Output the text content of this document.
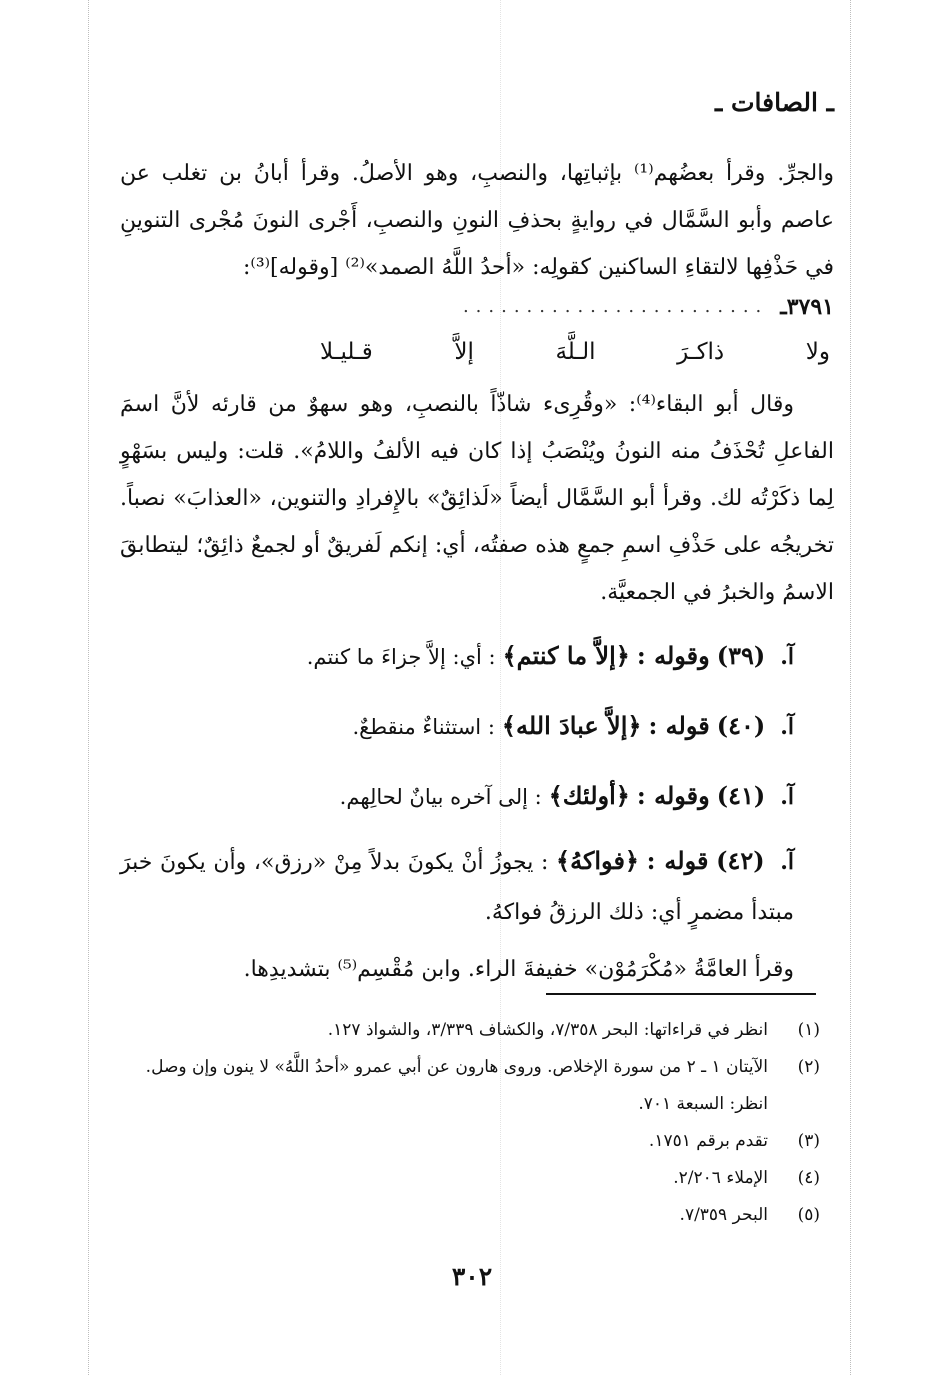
ـ الصافات ـ

والجرِّ. وقرأ بعضُهم⁽¹⁾ بإثباتِها، والنصبِ، وهو الأصلُ. وقرأ أبانُ بن تغلب عن عاصم وأبو السَّمَّال في روايةٍ بحذفِ النونِ والنصبِ، أَجْرى النونَ مُجْرى التنوينِ في حَذْفِها لالتقاءِ الساكنين كقولِه: «أحدُ اللَّهُ الصمد»⁽²⁾ [وقوله]⁽³⁾:

٣٧٩١ـ
........................
ولا
ذاكـرَ
الـلَّهَ
إلاَّ
قـليـلا

وقال أبو البقاء⁽⁴⁾: «وقُرِىء شاذّاً بالنصبِ، وهو سهوٌ من قارئه لأنَّ اسمَ الفاعلِ تُحْذَفُ منه النونُ ويُنْصَبُ إذا كان فيه الألفُ واللامُ». قلت: وليس بسَهْوٍ لِما ذكَرْتُه لك. وقرأ أبو السَّمَّال أيضاً «لَذائِقٌ» بالإِفرادِ والتنوين، «العذابَ» نصباً. تخريجُه على حَذْفِ اسمِ جمعٍ هذه صفتُه، أي: إنكم لَفريقٌ أو لجمعٌ ذائِقٌ؛ ليتطابقَ الاسمُ والخبرُ في الجمعيَّة.

آ. (٣٩) وقوله : ﴿إلاَّ ما كنتم﴾ : أي: إلاَّ جزاءَ ما كنتم.
آ. (٤٠) قوله : ﴿إلاَّ عبادَ الله﴾ : استثناءٌ منقطعٌ.
آ. (٤١) وقوله : ﴿أولئك﴾ : إلى آخره بيانٌ لحالِهم.
آ. (٤٢) قوله : ﴿فواكهُ﴾ : يجوزُ أنْ يكونَ بدلاً مِنْ «رزق»، وأن يكونَ خبرَ مبتدأ مضمرٍ أي: ذلك الرزقُ فواكهُ.

وقرأ العامَّةُ «مُكْرَمُوْن» خفيفةَ الراء. وابن مُقْسِم⁽⁵⁾ بتشديدِها.

(١)
انظر في قراءاتها: البحر ٧/٣٥٨، والكشاف ٣/٣٣٩، والشواذ ١٢٧.
(٢)
الآيتان ١ ـ ٢ من سورة الإخلاص. وروى هارون عن أبي عمرو «أحدُ اللَّهُ» لا ينون وإن وصل. انظر: السبعة ٧٠١.
(٣)
تقدم برقم ١٧٥١.
(٤)
الإملاء ٢/٢٠٦.
(٥)
البحر ٧/٣٥٩.
٣٠٢
